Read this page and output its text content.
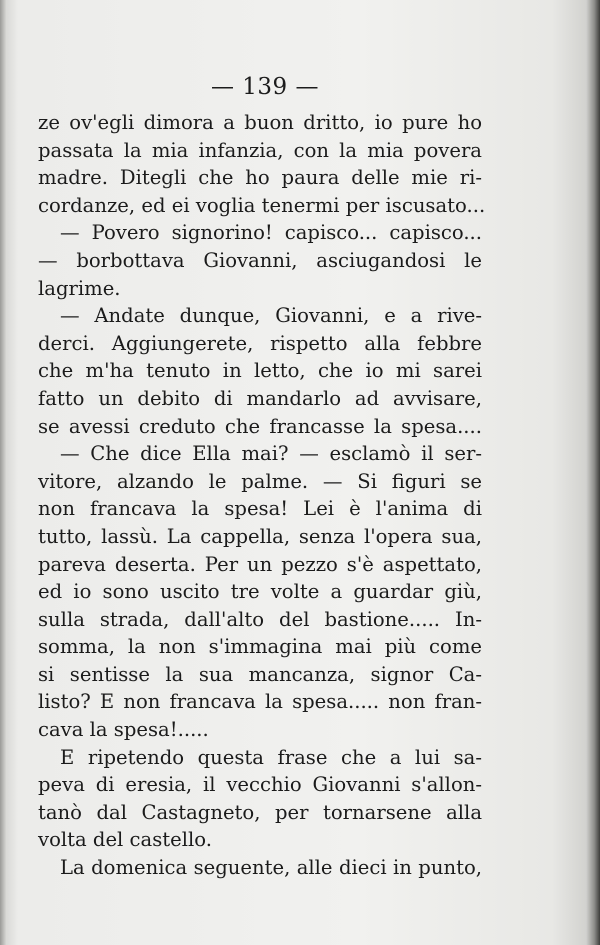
— 139 —
ze ov'egli dimora a buon dritto, io pure ho
passata la mia infanzia, con la mia povera
madre. Ditegli che ho paura delle mie ri-
cordanze, ed ei voglia tenermi per iscusato...
— Povero signorino! capisco... capisco...
— borbottava Giovanni, asciugandosi le
lagrime.
— Andate dunque, Giovanni, e a rive-
derci. Aggiungerete, rispetto alla febbre
che m'ha tenuto in letto, che io mi sarei
fatto un debito di mandarlo ad avvisare,
se avessi creduto che francasse la spesa....
— Che dice Ella mai? — esclamò il ser-
vitore, alzando le palme. — Si figuri se
non francava la spesa! Lei è l'anima di
tutto, lassù. La cappella, senza l'opera sua,
pareva deserta. Per un pezzo s'è aspettato,
ed io sono uscito tre volte a guardar giù,
sulla strada, dall'alto del bastione..... In-
somma, la non s'immagina mai più come
si sentisse la sua mancanza, signor Ca-
listo? E non francava la spesa..... non fran-
cava la spesa!.....
E ripetendo questa frase che a lui sa-
peva di eresia, il vecchio Giovanni s'allon-
tanò dal Castagneto, per tornarsene alla
volta del castello.
La domenica seguente, alle dieci in punto,
